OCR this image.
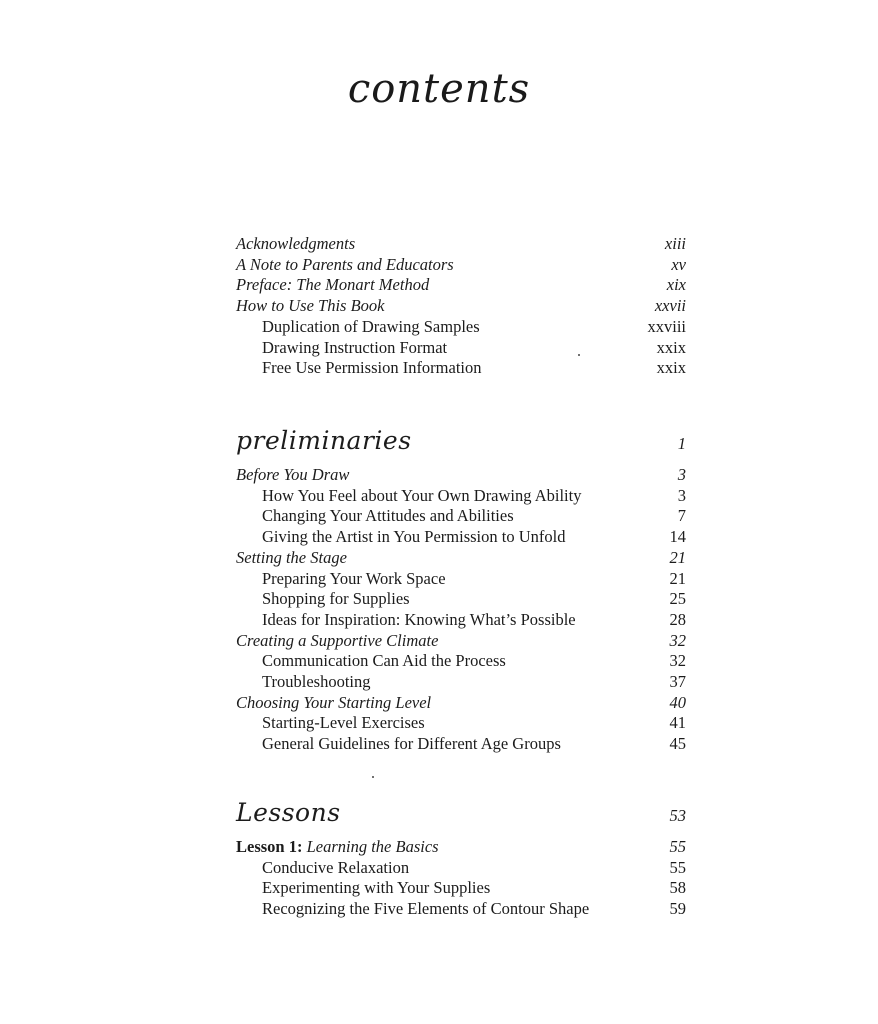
contents
Acknowledgments	xiii
A Note to Parents and Educators	xv
Preface: The Monart Method	xix
How to Use This Book	xxvii
Duplication of Drawing Samples	xxviii
Drawing Instruction Format	xxix
Free Use Permission Information	xxix
preliminaries	1
Before You Draw	3
How You Feel about Your Own Drawing Ability	3
Changing Your Attitudes and Abilities	7
Giving the Artist in You Permission to Unfold	14
Setting the Stage	21
Preparing Your Work Space	21
Shopping for Supplies	25
Ideas for Inspiration: Knowing What’s Possible	28
Creating a Supportive Climate	32
Communication Can Aid the Process	32
Troubleshooting	37
Choosing Your Starting Level	40
Starting-Level Exercises	41
General Guidelines for Different Age Groups	45
Lessons	53
Lesson 1: Learning the Basics	55
Conducive Relaxation	55
Experimenting with Your Supplies	58
Recognizing the Five Elements of Contour Shape	59
